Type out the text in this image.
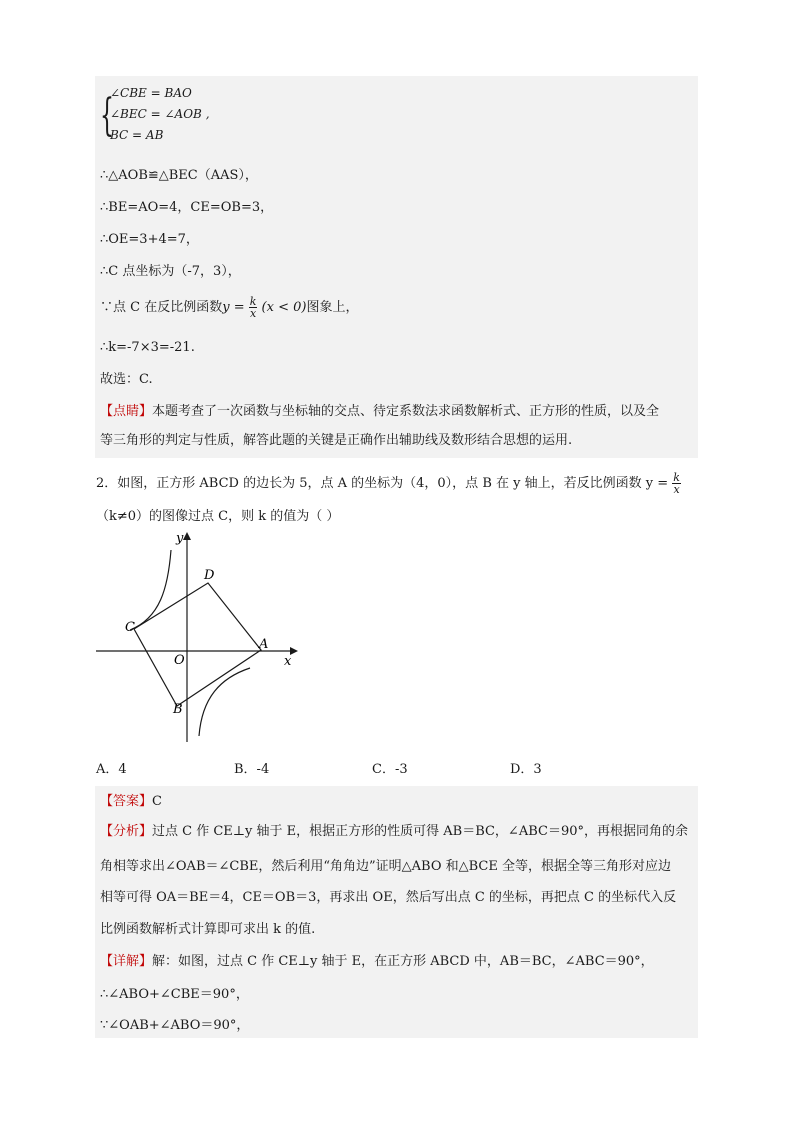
{
∠CBE = BAO
∠BEC = ∠AOB ,
BC = AB
∴△AOB≌△BEC（AAS），
∴BE=AO=4，CE=OB=3，
∴OE=3+4=7，
∴C 点坐标为（-7，3），
∵点 C 在反比例函数$y = \frac{k}{x} (x < 0)$图象上，
∴k=-7×3=-21.
故选：C.
【点睛】本题考查了一次函数与坐标轴的交点、待定系数法求函数解析式、正方形的性质，以及全
等三角形的判定与性质，解答此题的关键是正确作出辅助线及数形结合思想的运用.
2．如图，正方形 ABCD 的边长为 5，点 A 的坐标为（4，0），点 B 在 y 轴上，若反比例函数 $y = \frac{k}{x}$
（k≠0）的图像过点 C，则 k 的值为（ ）
y
x
O
A
B
C
D
A．4	B．-4	C．-3	D．3
【答案】C
【分析】过点 C 作 CE⊥y 轴于 E，根据正方形的性质可得 AB＝BC，∠ABC＝90°，再根据同角的余
角相等求出∠OAB＝∠CBE，然后利用“角角边”证明△ABO 和△BCE 全等，根据全等三角形对应边
相等可得 OA＝BE＝4，CE＝OB＝3，再求出 OE，然后写出点 C 的坐标，再把点 C 的坐标代入反
比例函数解析式计算即可求出 k 的值.
【详解】解：如图，过点 C 作 CE⊥y 轴于 E，在正方形 ABCD 中，AB＝BC，∠ABC＝90°，
∴∠ABO+∠CBE＝90°，
∵∠OAB+∠ABO＝90°，
